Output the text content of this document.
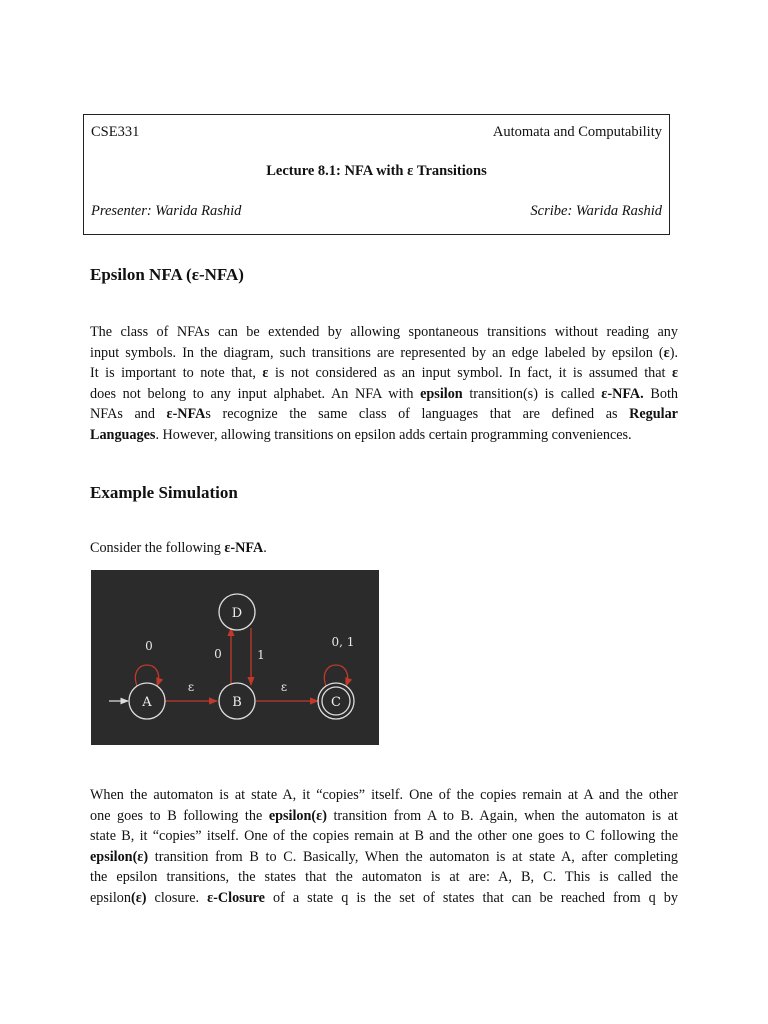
CSE331	Automata and Computability
Lecture 8.1: NFA with ε Transitions
Presenter: Warida Rashid	Scribe: Warida Rashid
Epsilon NFA (ε-NFA)
The class of NFAs can be extended by allowing spontaneous transitions without reading any
input symbols. In the diagram, such transitions are represented by an edge labeled by epsilon (ε).
It is important to note that, ε is not considered as an input symbol. In fact, it is assumed that ε
does not belong to any input alphabet. An NFA with epsilon transition(s) is called ε-NFA. Both
NFAs and ε-NFAs recognize the same class of languages that are defined as Regular
Languages. However, allowing transitions on epsilon adds certain programming conveniences.
Example Simulation
Consider the following ε-NFA.
0
ε
0	1
ε
0, 1
A	B	C
D
When the automaton is at state A, it “copies” itself. One of the copies remain at A and the other
one goes to B following the epsilon(ε) transition from A to B. Again, when the automaton is at
state B, it “copies” itself. One of the copies remain at B and the other one goes to C following the
epsilon(ε) transition from B to C. Basically, When the automaton is at state A, after completing
the epsilon transitions, the states that the automaton is at are: A, B, C. This is called the
epsilon(ε) closure. ε-Closure of a state q is the set of states that can be reached from q by
